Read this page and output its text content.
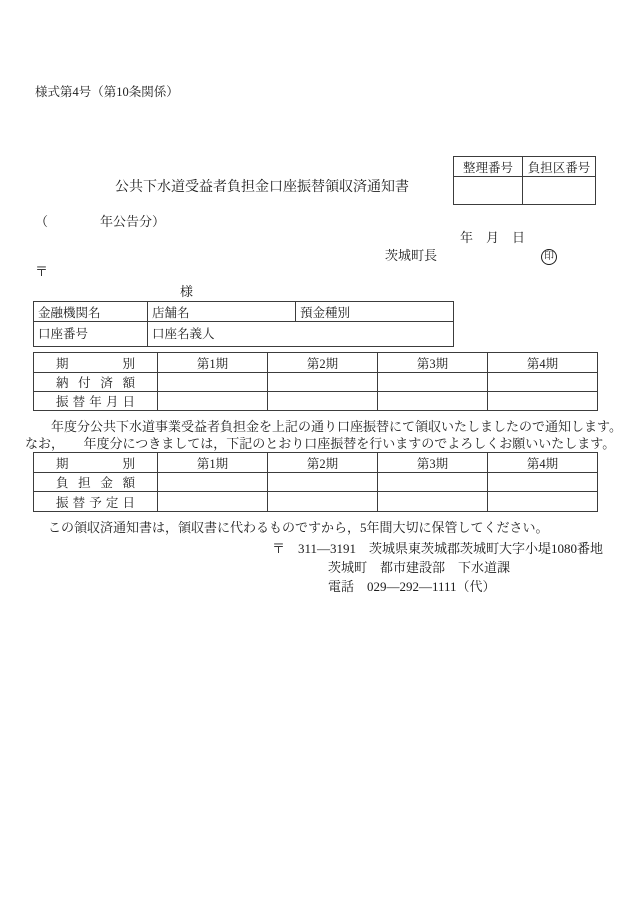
様式第4号（第10条関係）
整理番号	負担区番号

公共下水道受益者負担金口座振替領収済通知書
（　　　　年公告分）
年　月　日
茨城町長	印
〒
様
金融機関名	店舗名	預金種別
口座番号	口座名義人	
期別	第1期	第2期	第3期	第4期
納付済額				
振替年月日				
　　年度分公共下水道事業受益者負担金を上記の通り口座振替にて領収いたしましたので通知します。
なお，　　年度分につきましては，下記のとおり口座振替を行いますのでよろしくお願いいたします。
期別	第1期	第2期	第3期	第4期
負担金額				
振替予定日				
　この領収済通知書は，領収書に代わるものですから，5年間大切に保管してください。
〒　311―3191　茨城県東茨城郡茨城町大字小堤1080番地
茨城町　都市建設部　下水道課
電話　029―292―1111（代）
